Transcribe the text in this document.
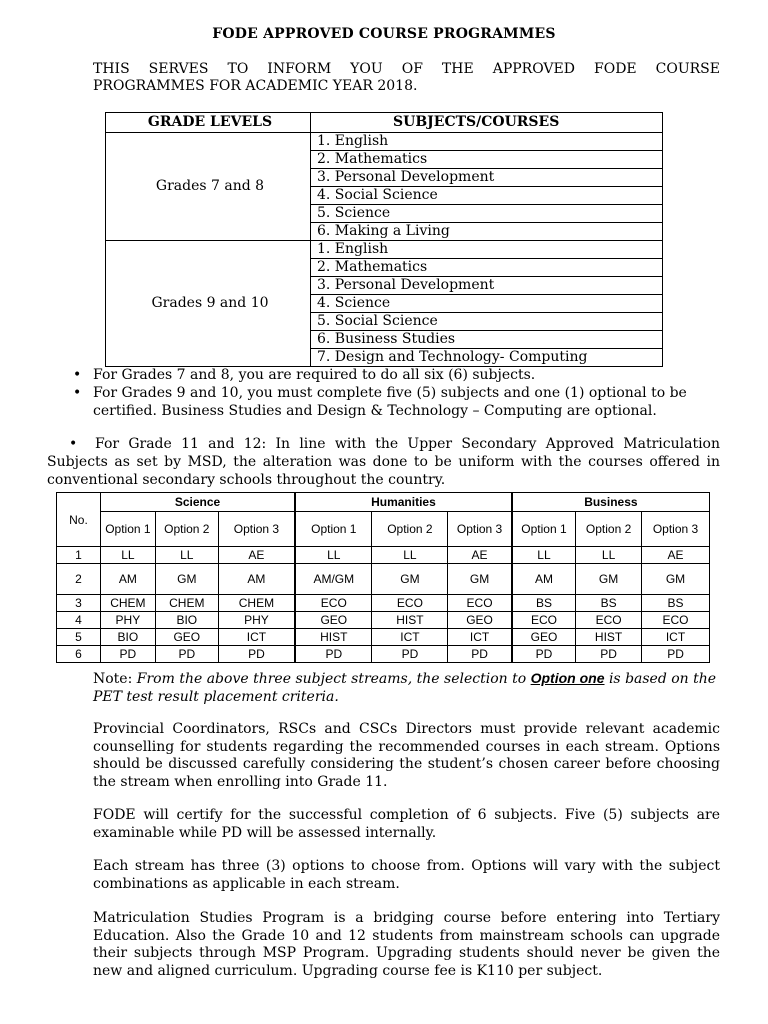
FODE APPROVED COURSE PROGRAMMES
THIS SERVES TO INFORM YOU OF THE APPROVED FODE COURSE
PROGRAMMES FOR ACADEMIC YEAR 2018.
GRADE LEVELS	SUBJECTS/COURSES
Grades 7 and 8	1. English
	2. Mathematics
	3. Personal Development
	4. Social Science
	5. Science
	6. Making a Living
Grades 9 and 10	1. English
	2. Mathematics
	3. Personal Development
	4. Science
	5. Social Science
	6. Business Studies
	7. Design and Technology- Computing
• For Grades 7 and 8, you are required to do all six (6) subjects.
• For Grades 9 and 10, you must complete five (5) subjects and one (1) optional to be certified. Business Studies and Design & Technology – Computing are optional.
• For Grade 11 and 12: In line with the Upper Secondary Approved Matriculation Subjects as set by MSD, the alteration was done to be uniform with the courses offered in conventional secondary schools throughout the country.
No.	Science			Humanities			Business		
	Option 1	Option 2	Option 3	Option 1	Option 2	Option 3	Option 1	Option 2	Option 3
1	LL	LL	AE	LL	LL	AE	LL	LL	AE
2	AM	GM	AM	AM/GM	GM	GM	AM	GM	GM
3	CHEM	CHEM	CHEM	ECO	ECO	ECO	BS	BS	BS
4	PHY	BIO	PHY	GEO	HIST	GEO	ECO	ECO	ECO
5	BIO	GEO	ICT	HIST	ICT	ICT	GEO	HIST	ICT
6	PD	PD	PD	PD	PD	PD	PD	PD	PD
Note: From the above three subject streams, the selection to Option one is based on the PET test result placement criteria.
Provincial Coordinators, RSCs and CSCs Directors must provide relevant academic counselling for students regarding the recommended courses in each stream. Options should be discussed carefully considering the student’s chosen career before choosing the stream when enrolling into Grade 11.
FODE will certify for the successful completion of 6 subjects. Five (5) subjects are examinable while PD will be assessed internally.
Each stream has three (3) options to choose from. Options will vary with the subject combinations as applicable in each stream.
Matriculation Studies Program is a bridging course before entering into Tertiary Education. Also the Grade 10 and 12 students from mainstream schools can upgrade their subjects through MSP Program. Upgrading students should never be given the new and aligned curriculum. Upgrading course fee is K110 per subject.
